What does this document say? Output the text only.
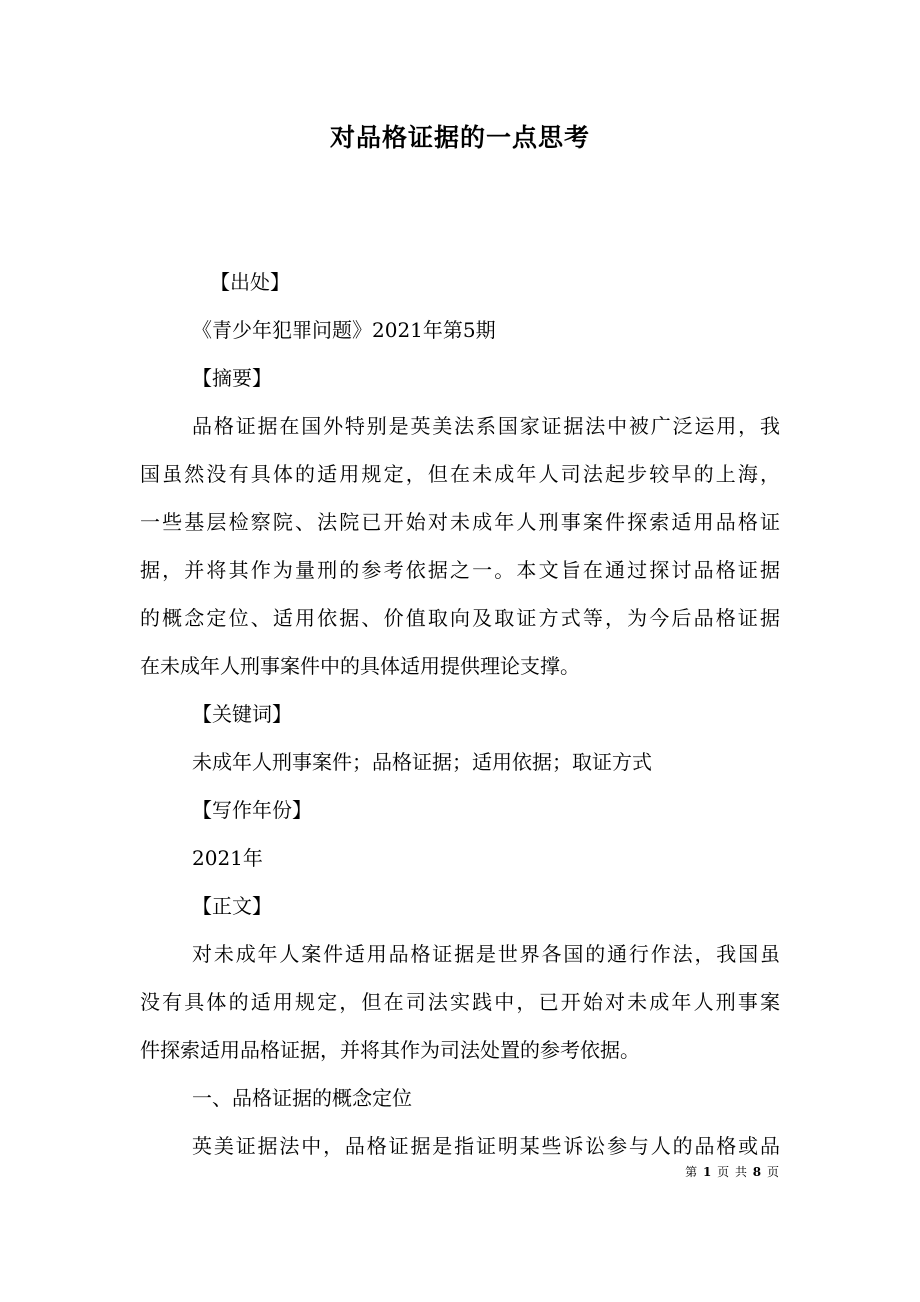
对品格证据的一点思考
【出处】
《青少年犯罪问题》2021年第5期
【摘要】
品格证据在国外特别是英美法系国家证据法中被广泛运用，我
国虽然没有具体的适用规定，但在未成年人司法起步较早的上海，
一些基层检察院、法院已开始对未成年人刑事案件探索适用品格证
据，并将其作为量刑的参考依据之一。本文旨在通过探讨品格证据
的概念定位、适用依据、价值取向及取证方式等，为今后品格证据
在未成年人刑事案件中的具体适用提供理论支撑。
【关键词】
未成年人刑事案件；品格证据；适用依据；取证方式
【写作年份】
2021年
【正文】
对未成年人案件适用品格证据是世界各国的通行作法，我国虽
没有具体的适用规定，但在司法实践中，已开始对未成年人刑事案
件探索适用品格证据，并将其作为司法处置的参考依据。
一、品格证据的概念定位
英美证据法中，品格证据是指证明某些诉讼参与人的品格或品
第 1 页 共 8 页
